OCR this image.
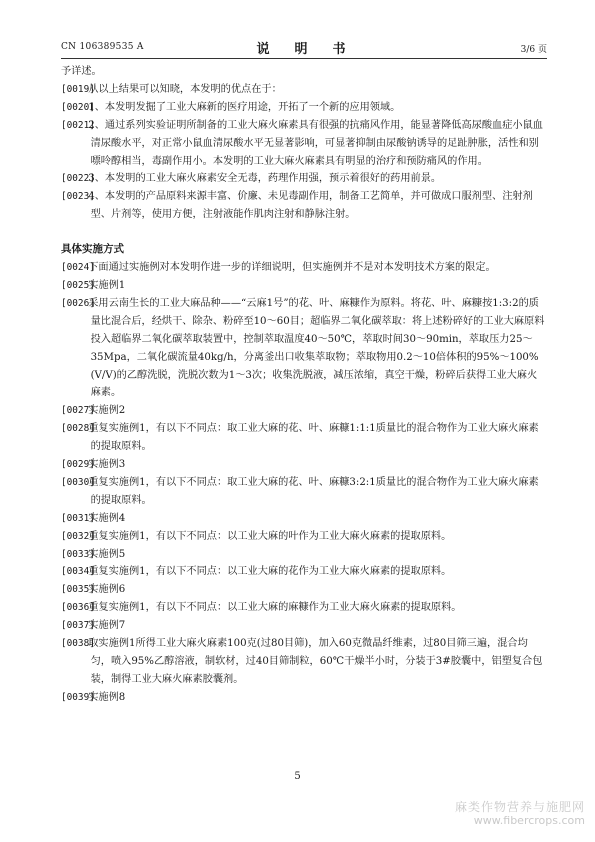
CN 106389535 A	说　明　书	3/6 页

予详述。

[0019]从以上结果可以知晓，本发明的优点在于：

[0020]1、本发明发掘了工业大麻新的医疗用途，开拓了一个新的应用领域。

[0021]2、通过系列实验证明所制备的工业大麻火麻素具有很强的抗痛风作用，能显著降低高尿酸血症小鼠血清尿酸水平，对正常小鼠血清尿酸水平无显著影响，可显著抑制由尿酸钠诱导的足趾肿胀，活性和别嘌呤醇相当，毒副作用小。本发明的工业大麻火麻素具有明显的治疗和预防痛风的作用。

[0022]3、本发明的工业大麻火麻素安全无毒，药理作用强，预示着很好的药用前景。

[0023]4、本发明的产品原料来源丰富、价廉、未见毒副作用，制备工艺简单，并可做成口服剂型、注射剂型、片剂等，使用方便，注射液能作肌肉注射和静脉注射。

具体实施方式

[0024]下面通过实施例对本发明作进一步的详细说明，但实施例并不是对本发明技术方案的限定。

[0025]实施例1

[0026]采用云南生长的工业大麻品种——“云麻1号”的花、叶、麻糠作为原料。将花、叶、麻糠按1:3:2的质量比混合后，经烘干、除杂、粉碎至10～60目；超临界二氧化碳萃取：将上述粉碎好的工业大麻原料投入超临界二氧化碳萃取装置中，控制萃取温度40～50℃，萃取时间30～90min，萃取压力25～35Mpa，二氧化碳流量40kg/h，分离釜出口收集萃取物；萃取物用0.2～10倍体积的95%～100%(V/V)的乙醇洗脱，洗脱次数为1～3次；收集洗脱液，减压浓缩，真空干燥，粉碎后获得工业大麻火麻素。

[0027]实施例2

[0028]重复实施例1，有以下不同点：取工业大麻的花、叶、麻糠1:1:1质量比的混合物作为工业大麻火麻素的提取原料。

[0029]实施例3

[0030]重复实施例1，有以下不同点：取工业大麻的花、叶、麻糠3:2:1质量比的混合物作为工业大麻火麻素的提取原料。

[0031]实施例4

[0032]重复实施例1，有以下不同点：以工业大麻的叶作为工业大麻火麻素的提取原料。

[0033]实施例5

[0034]重复实施例1，有以下不同点：以工业大麻的花作为工业大麻火麻素的提取原料。

[0035]实施例6

[0036]重复实施例1，有以下不同点：以工业大麻的麻糠作为工业大麻火麻素的提取原料。

[0037]实施例7

[0038]取实施例1所得工业大麻火麻素100克(过80目筛)，加入60克微晶纤维素，过80目筛三遍，混合均匀，喷入95%乙醇溶液，制软材，过40目筛制粒，60℃干燥半小时，分装于3#胶囊中，铝塑复合包装，制得工业大麻火麻素胶囊剂。

[0039]实施例8

5
麻类作物营养与施肥网
www.fibercrops.com
